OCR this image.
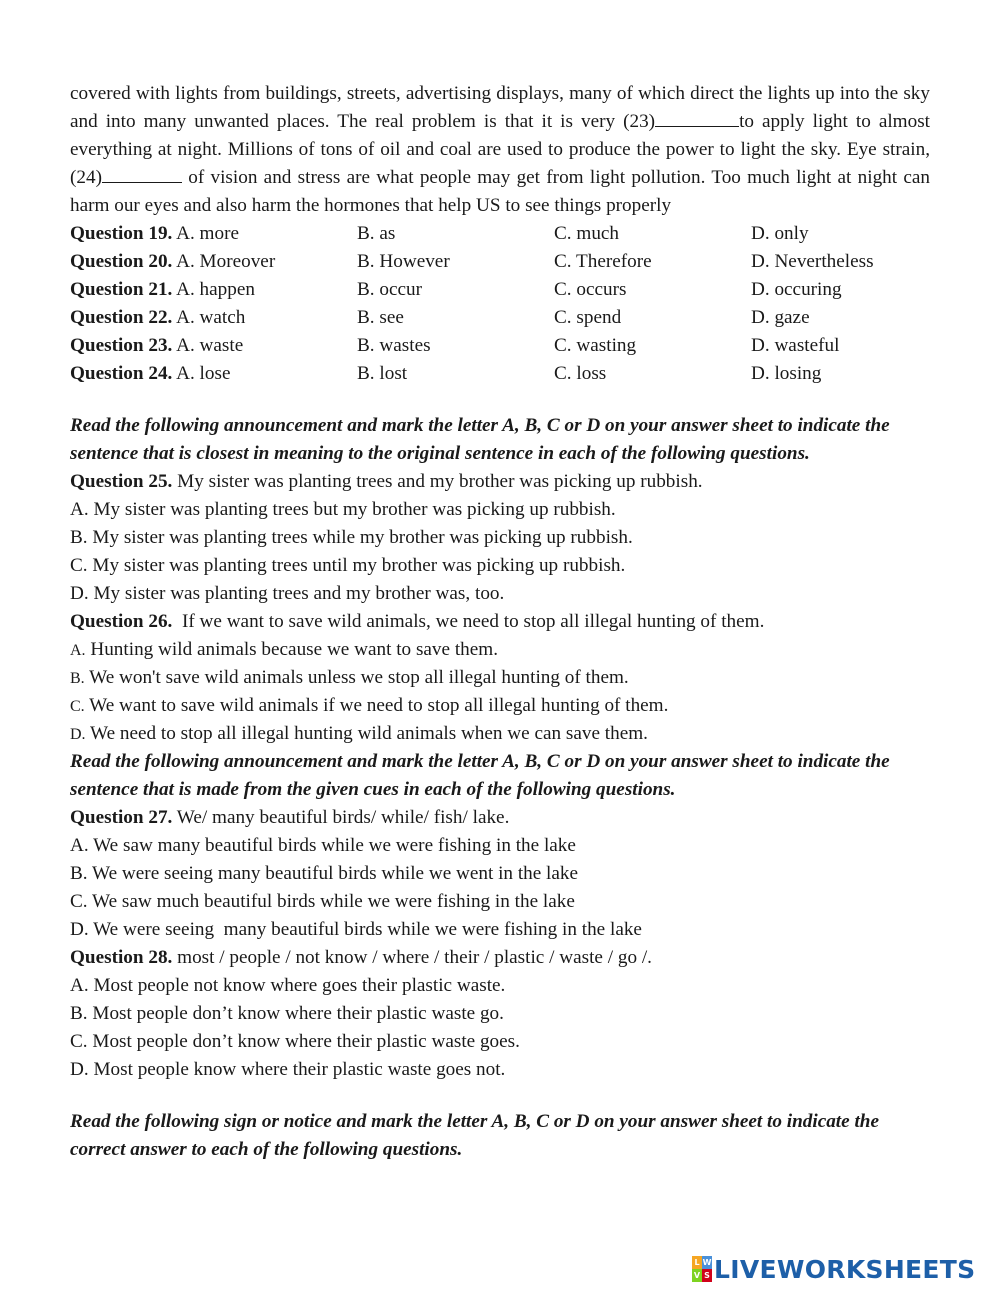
covered with lights from buildings, streets, advertising displays, many of which direct the lights up into the sky and into many unwanted places. The real problem is that it is very (23)	to apply light to almost everything at night. Millions of tons of oil and coal are used to produce the power to light the sky. Eye strain, (24)	of vision and stress are what people may get from light pollution. Too much light at night can harm our eyes and also harm the hormones that help US to see things properly

Question 19. A. more	B. as	C. much	D. only
Question 20. A. Moreover	B. However	C. Therefore	D. Nevertheless
Question 21. A. happen	B. occur	C. occurs	D. occuring
Question 22. A. watch	B. see	C. spend	D. gaze
Question 23. A. waste	B. wastes	C. wasting	D. wasteful
Question 24. A. lose	B. lost	C. loss	D. losing

Read the following announcement and mark the letter A, B, C or D on your answer sheet to indicate the sentence that is closest in meaning to the original sentence in each of the following questions.

Question 25. My sister was planting trees and my brother was picking up rubbish.

A. My sister was planting trees but my brother was picking up rubbish.

B. My sister was planting trees while my brother was picking up rubbish.

C. My sister was planting trees until my brother was picking up rubbish.

D. My sister was planting trees and my brother was, too.

Question 26.  If we want to save wild animals, we need to stop all illegal hunting of them.

A. Hunting wild animals because we want to save them.

B. We won't save wild animals unless we stop all illegal hunting of them.

C. We want to save wild animals if we need to stop all illegal hunting of them.

D. We need to stop all illegal hunting wild animals when we can save them.

Read the following announcement and mark the letter A, B, C or D on your answer sheet to indicate the sentence that is made from the given cues in each of the following questions.

Question 27. We/ many beautiful birds/ while/ fish/ lake.

A. We saw many beautiful birds while we were fishing in the lake

B. We were seeing many beautiful birds while we went in the lake

C. We saw much beautiful birds while we were fishing in the lake

D. We were seeing  many beautiful birds while we were fishing in the lake

Question 28. most / people / not know / where / their / plastic / waste / go /.

A. Most people not know where goes their plastic waste.

B. Most people don’t know where their plastic waste go.

C. Most people don’t know where their plastic waste goes.

D. Most people know where their plastic waste goes not.

Read the following sign or notice and mark the letter A, B, C or D on your answer sheet to indicate the correct answer to each of the following questions.

L W
V S LIVEWORKSHEETS
